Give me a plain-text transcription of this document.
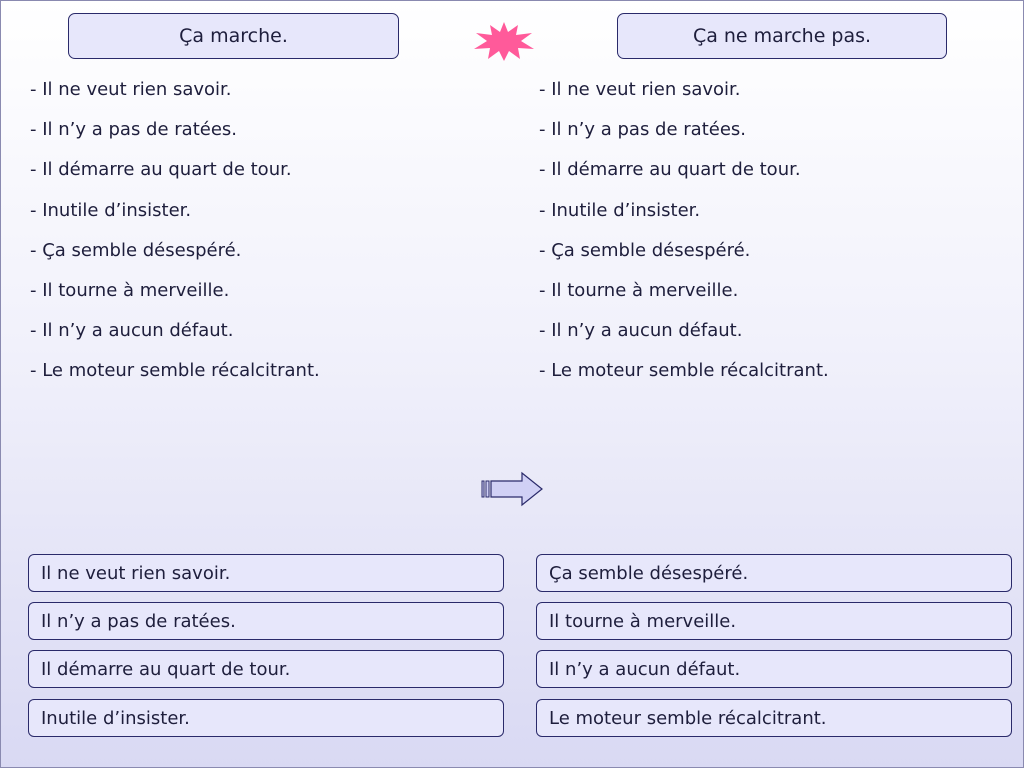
Ça marche.	Ça ne marche pas.
- Il ne veut rien savoir.
- Il n’y a pas de ratées.
- Il démarre au quart de tour.
- Inutile d’insister.
- Ça semble désespéré.
- Il tourne à merveille.
- Il n’y a aucun défaut.
- Le moteur semble récalcitrant.
- Il ne veut rien savoir.
- Il n’y a pas de ratées.
- Il démarre au quart de tour.
- Inutile d’insister.
- Ça semble désespéré.
- Il tourne à merveille.
- Il n’y a aucun défaut.
- Le moteur semble récalcitrant.
Il ne veut rien savoir.
Il n’y a pas de ratées.
Il démarre au quart de tour.
Inutile d’insister.
Ça semble désespéré.
Il tourne à merveille.
Il n’y a aucun défaut.
Le moteur semble récalcitrant.
